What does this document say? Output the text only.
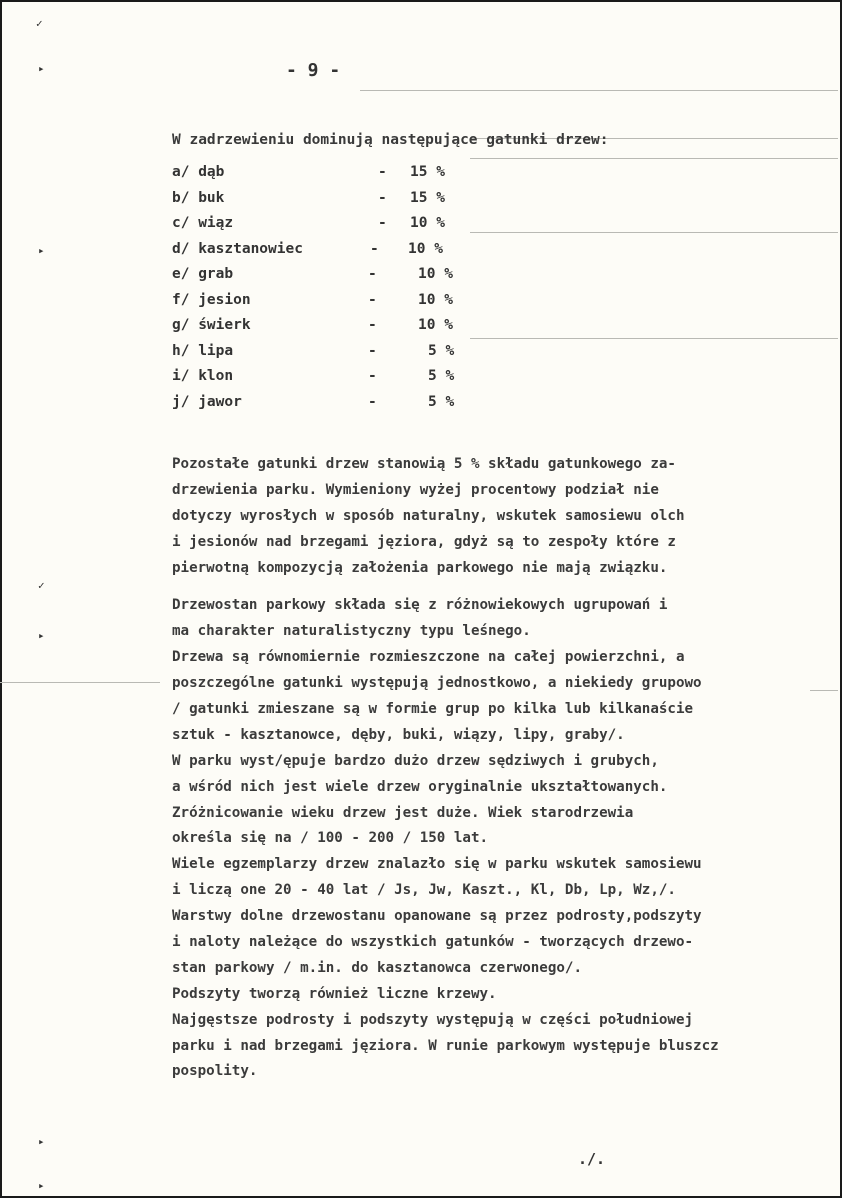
✓
▸
▸
✓
▸
▸
▸
- 9 -
W zadrzewieniu dominują następujące gatunki drzew:
a/ dąb	- 15 %
b/ buk	- 15 %
c/ wiąz	- 10 %
d/ kasztanowiec	- 10 %
e/ grab	-	10 %
f/ jesion	-	10 %
g/ świerk	-	10 %
h/ lipa	-	5 %
i/ klon	-	5 %
j/ jawor	-	5 %
Pozostałe gatunki drzew stanowią 5 % składu gatunkowego za-
drzewienia parku. Wymieniony wyżej procentowy podział nie
dotyczy wyrosłych w sposób naturalny, wskutek samosiewu olch
i jesionów nad brzegami jęziora, gdyż są to zespoły które z
pierwotną kompozycją założenia parkowego nie mają związku.
Drzewostan parkowy składa się z różnowiekowych ugrupowań i
ma charakter naturalistyczny typu leśnego.
Drzewa są równomiernie rozmieszczone na całej powierzchni, a
poszczególne gatunki występują jednostkowo, a niekiedy grupowo
/ gatunki zmieszane są w formie grup po kilka lub kilkanaście
sztuk - kasztanowce, dęby, buki, wiązy, lipy, graby/.
W parku wyst/ępuje bardzo dużo drzew sędziwych i grubych,
a wśród nich jest wiele drzew oryginalnie ukształtowanych.
Zróżnicowanie wieku drzew jest duże. Wiek starodrzewia
określa się na / 100 - 200 / 150 lat.
Wiele egzemplarzy drzew znalazło się w parku wskutek samosiewu
i liczą one 20 - 40 lat / Js, Jw, Kaszt., Kl, Db, Lp, Wz,/.
Warstwy dolne drzewostanu opanowane są przez podrosty,podszyty
i naloty należące do wszystkich gatunków - tworzących drzewo-
stan parkowy / m.in. do kasztanowca czerwonego/.
Podszyty tworzą również liczne krzewy.
Najgęstsze podrosty i podszyty występują w części południowej
parku i nad brzegami jęziora. W runie parkowym występuje bluszcz
pospolity.
./.
